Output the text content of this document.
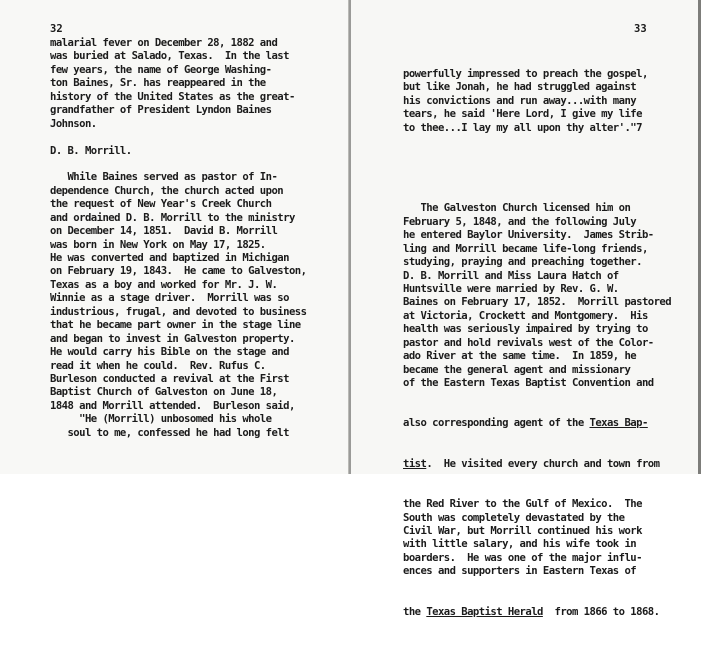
32
malarial fever on December 28, 1882 and
was buried at Salado, Texas.  In the last
few years, the name of George Washing-
ton Baines, Sr. has reappeared in the
history of the United States as the great-
grandfather of President Lyndon Baines
Johnson.
D. B. Morrill.
While Baines served as pastor of In-
dependence Church, the church acted upon
the request of New Year's Creek Church
and ordained D. B. Morrill to the ministry
on December 14, 1851.  David B. Morrill
was born in New York on May 17, 1825.
He was converted and baptized in Michigan
on February 19, 1843.  He came to Galveston,
Texas as a boy and worked for Mr. J. W.
Winnie as a stage driver.  Morrill was so
industrious, frugal, and devoted to business
that he became part owner in the stage line
and began to invest in Galveston property.
He would carry his Bible on the stage and
read it when he could.  Rev. Rufus C.
Burleson conducted a revival at the First
Baptist Church of Galveston on June 18,
1848 and Morrill attended.  Burleson said,
"He (Morrill) unbosomed his whole
soul to me, confessed he had long felt
33

powerfully impressed to preach the gospel,
but like Jonah, he had struggled against
his convictions and run away...with many
tears, he said 'Here Lord, I give my life
to thee...I lay my all upon thy alter'."7

The Galveston Church licensed him on
February 5, 1848, and the following July
he entered Baylor University.  James Strib-
ling and Morrill became life-long friends,
studying, praying and preaching together.
D. B. Morrill and Miss Laura Hatch of
Huntsville were married by Rev. G. W.
Baines on February 17, 1852.  Morrill pastored
at Victoria, Crockett and Montgomery.  His
health was seriously impaired by trying to
pastor and hold revivals west of the Color-
ado River at the same time.  In 1859, he
became the general agent and missionary
of the Eastern Texas Baptist Convention and

also corresponding agent of the Texas Bap-

tist.  He visited every church and town from

the Red River to the Gulf of Mexico.  The
South was completely devastated by the
Civil War, but Morrill continued his work
with little salary, and his wife took in
boarders.  He was one of the major influ-
ences and supporters in Eastern Texas of

the Texas Baptist Herald  from 1866 to 1868.
